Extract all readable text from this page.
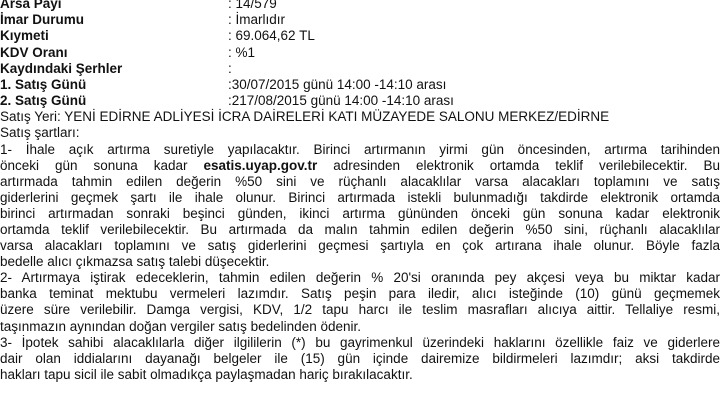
Arsa Payı	: 14/579
İmar Durumu	: İmarlıdır
Kıymeti	: 69.064,62 TL
KDV Oranı	: %1
Kaydındaki Şerhler	:
1. Satış Günü	:30/07/2015 günü 14:00 -14:10 arası
2. Satış Günü	:217/08/2015 günü 14:00 -14:10 arası
Satış Yeri: YENİ EDİRNE ADLİYESİ İCRA DAİRELERİ KATI MÜZAYEDE SALONU MERKEZ/EDİRNE
Satış şartları:
1- İhale açık artırma suretiyle yapılacaktır. Birinci artırmanın yirmi gün öncesinden, artırma tarihinden
önceki gün sonuna kadar esatis.uyap.gov.tr adresinden elektronik ortamda teklif verilebilecektir. Bu
artırmada tahmin edilen değerin %50 sini ve rüçhanlı alacaklılar varsa alacakları toplamını ve satış
giderlerini geçmek şartı ile ihale olunur. Birinci artırmada istekli bulunmadığı takdirde elektronik ortamda
birinci artırmadan sonraki beşinci günden, ikinci artırma gününden önceki gün sonuna kadar elektronik
ortamda teklif verilebilecektir. Bu artırmada da malın tahmin edilen değerin %50 sini, rüçhanlı alacaklılar
varsa alacakları toplamını ve satış giderlerini geçmesi şartıyla en çok artırana ihale olunur. Böyle fazla
bedelle alıcı çıkmazsa satış talebi düşecektir.
2- Artırmaya iştirak edeceklerin, tahmin edilen değerin % 20'si oranında pey akçesi veya bu miktar kadar
banka teminat mektubu vermeleri lazımdır. Satış peşin para iledir, alıcı isteğinde (10) günü geçmemek
üzere süre verilebilir. Damga vergisi, KDV, 1/2 tapu harcı ile teslim masrafları alıcıya aittir. Tellaliye resmi,
taşınmazın aynından doğan vergiler satış bedelinden ödenir.
3- İpotek sahibi alacaklılarla diğer ilgililerin (*) bu gayrimenkul üzerindeki haklarını özellikle faiz ve giderlere
dair olan iddialarını dayanağı belgeler ile (15) gün içinde dairemize bildirmeleri lazımdır; aksi takdirde
hakları tapu sicil ile sabit olmadıkça paylaşmadan hariç bırakılacaktır.
